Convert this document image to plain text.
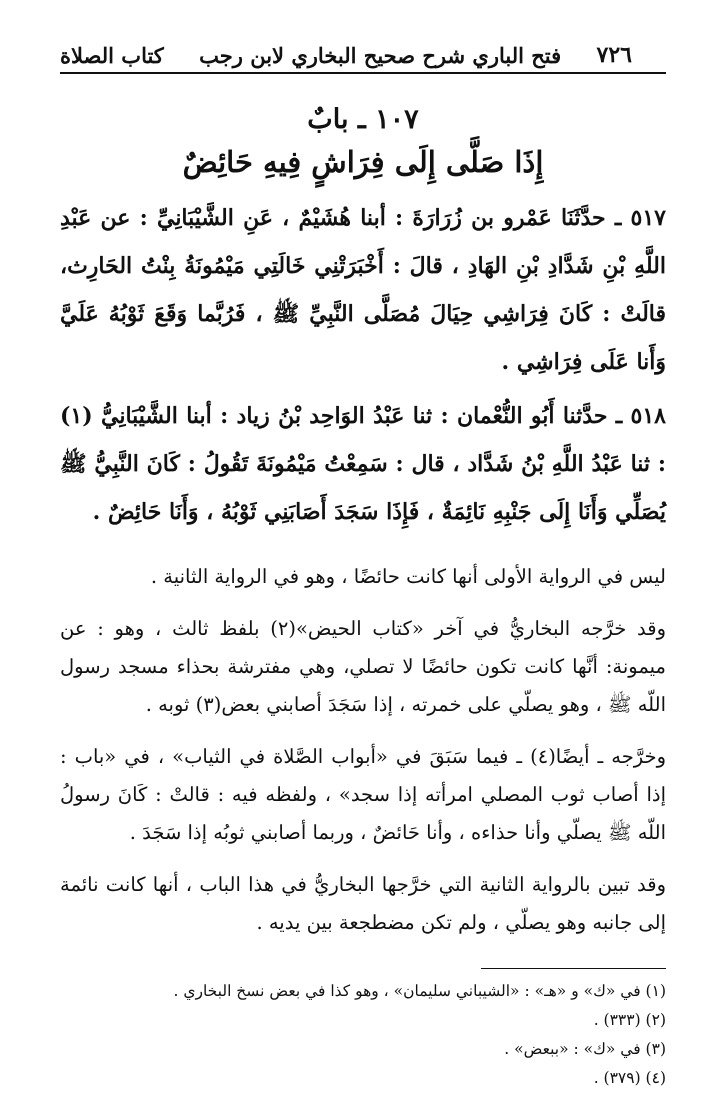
٧٢٦
فتح الباري شرح صحيح البخاري لابن رجب
كتاب الصلاة
١٠٧ ـ بابٌ
إِذَا صَلَّى إِلَى فِرَاشٍ فِيهِ حَائِضٌ

٥١٧ ـ حدَّثَنَا عَمْرو بن زُرَارَةَ : أبنا هُشَيْمٌ ، عَنِ الشَّيْبَانِيِّ : عن عَبْدِ اللَّهِ بْنِ شَدَّادِ بْنِ الهَادِ ، قالَ : أَخْبَرَتْنِي خَالَتِي مَيْمُونَةُ بِنْتُ الحَارِث، قالَتْ : كَانَ فِرَاشِي حِيَالَ مُصَلَّى النَّبِيِّ ﷺ ، فَرُبَّما وَقَعَ ثَوْبُهُ عَلَيَّ وَأَنا عَلَى فِرَاشِي .

٥١٨ ـ حدَّثنا أَبُو النُّعْمان : ثنا عَبْدُ الوَاحِد بْنُ زياد : أبنا الشَّيْبَانِيُّ (١) : ثنا عَبْدُ اللَّهِ بْنُ شَدَّاد ، قال : سَمِعْتُ مَيْمُونَةَ تَقُولُ : كَانَ النَّبِيُّ ﷺ يُصَلِّي وَأَنَا إِلَى جَنْبِهِ نَائِمَةٌ ، فَإِذَا سَجَدَ أَصَابَنِي ثَوْبُهُ ، وَأَنَا حَائِضٌ .

ليس في الرواية الأولى أنها كانت حائضًا ، وهو في الرواية الثانية .

وقد خرَّجه البخاريُّ في آخر «كتاب الحيض»(٢) بلفظ ثالث ، وهو : عن ميمونة: أنَّها كانت تكون حائضًا لا تصلي، وهي مفترشة بحذاء مسجد رسول اللّه ﷺ ، وهو يصلّي على خمرته ، إذا سَجَدَ أصابني بعض(٣) ثوبه .

وخرَّجه ـ أيضًا(٤) ـ فيما سَبَقَ في «أبواب الصَّلاة في الثياب» ، في «باب : إذا أصاب ثوب المصلي امرأته إذا سجد» ، ولفظه فيه : قالتْ : كَانَ رسولُ اللّه ﷺ يصلّي وأنا حذاءه ، وأنا حَائضٌ ، وربما أصابني ثوبُه إذا سَجَدَ .

وقد تبين بالرواية الثانية التي خرَّجها البخاريُّ في هذا الباب ، أنها كانت نائمة إلى جانبه وهو يصلّي ، ولم تكن مضطجعة بين يديه .

(١) في «ك» و «هـ» : «الشيباني سليمان» ، وهو كذا في بعض نسخ البخاري .
(٢) (٣٣٣) .
(٣) في «ك» : «ببعض» .
(٤) (٣٧٩) .
